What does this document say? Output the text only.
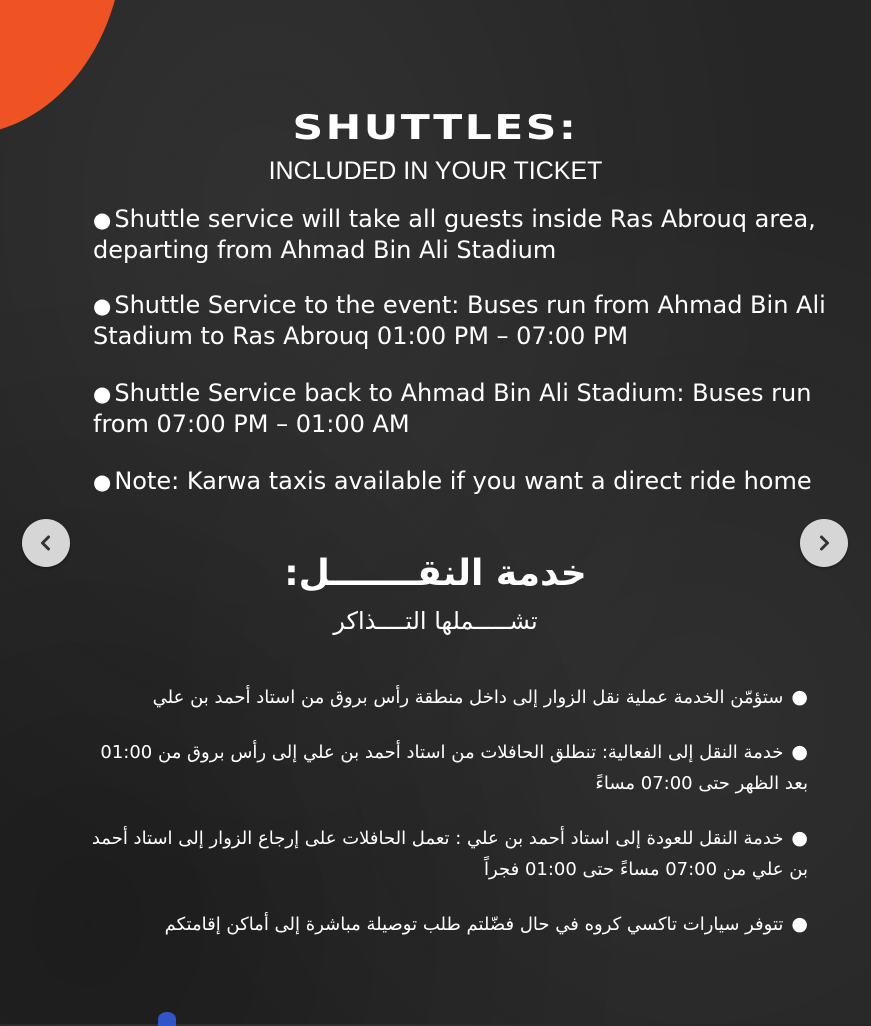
SHUTTLES:
INCLUDED IN YOUR TICKET
● Shuttle service will take all guests inside Ras Abrouq area, departing from Ahmad Bin Ali Stadium
● Shuttle Service to the event: Buses run from Ahmad Bin Ali Stadium to Ras Abrouq 01:00 PM – 07:00 PM
● Shuttle Service back to Ahmad Bin Ali Stadium: Buses run from 07:00 PM – 01:00 AM
● Note: Karwa taxis available if you want a direct ride home
خدمة النقـــــــل:
تشـــــملها التــــذاكر
●ستؤمّن الخدمة عملية نقل الزوار إلى داخل منطقة رأس بروق من استاد أحمد بن علي
●خدمة النقل إلى الفعالية: تنطلق الحافلات من استاد أحمد بن علي إلى رأس بروق من 01:00 بعد الظهر حتى 07:00 مساءً
●خدمة النقل للعودة إلى استاد أحمد بن علي : تعمل الحافلات على إرجاع الزوار إلى استاد أحمد بن علي من 07:00 مساءً حتى 01:00 فجراً
●تتوفر سيارات تاكسي كروه في حال فضّلتم طلب توصيلة مباشرة إلى أماكن إقامتكم
